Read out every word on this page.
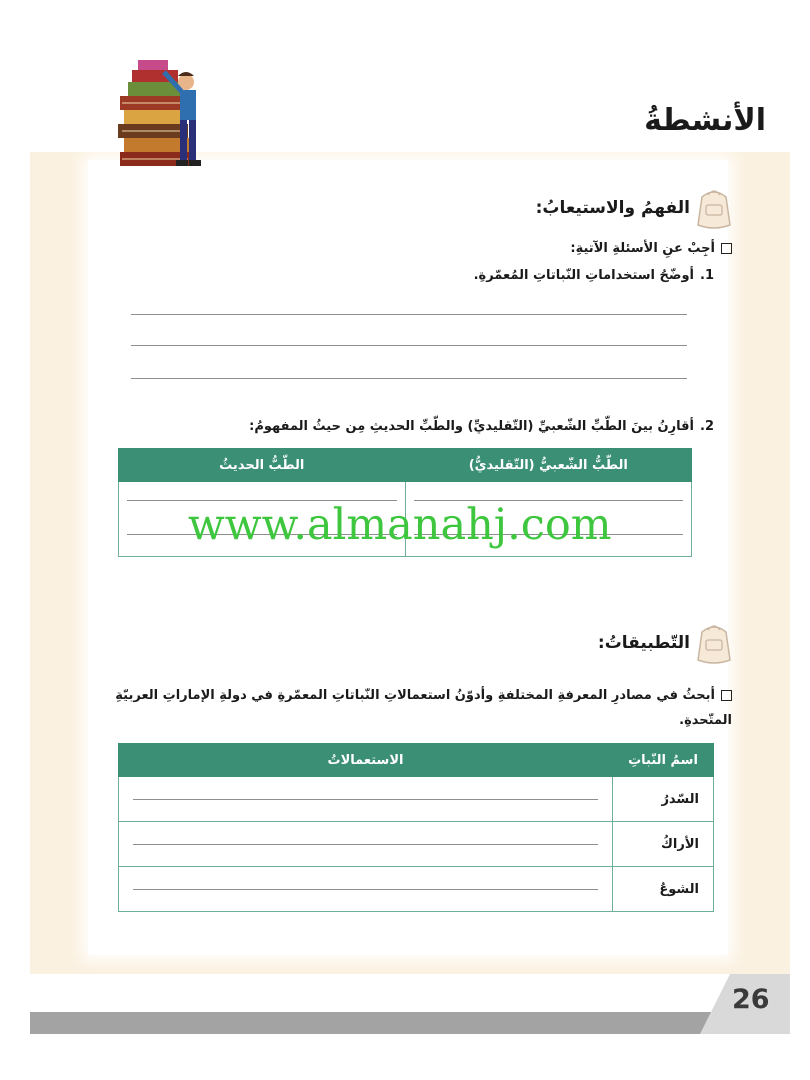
الأنشطةُ
الفهمُ والاستيعابُ:
أجِبْ عنِ الأسئلةِ الآتيةِ:
1.أوضّحُ استخداماتِ النّباتاتِ المُعمّرةِ.
2.أقارِنُ بينَ الطّبِّ الشّعبيِّ (التّقليديِّ) والطّبِّ الحديثِ مِن حيثُ المفهومُ:
الطّبُّ الشّعبيُّ (التّقليديُّ)	الطّبُّ الحديثُ

www.almanahj.com
التّطبيقاتُ:
أبحثُ في مصادرِ المعرفةِ المختلفةِ وأدوّنُ استعمالاتِ النّباتاتِ المعمّرةِ في دولةِ الإماراتِ العربيّةِ المتّحدةِ.
اسمُ النّباتِ	الاستعمالاتُ
السّدرُ	

الأراكُ	

الشوعُ	
26
